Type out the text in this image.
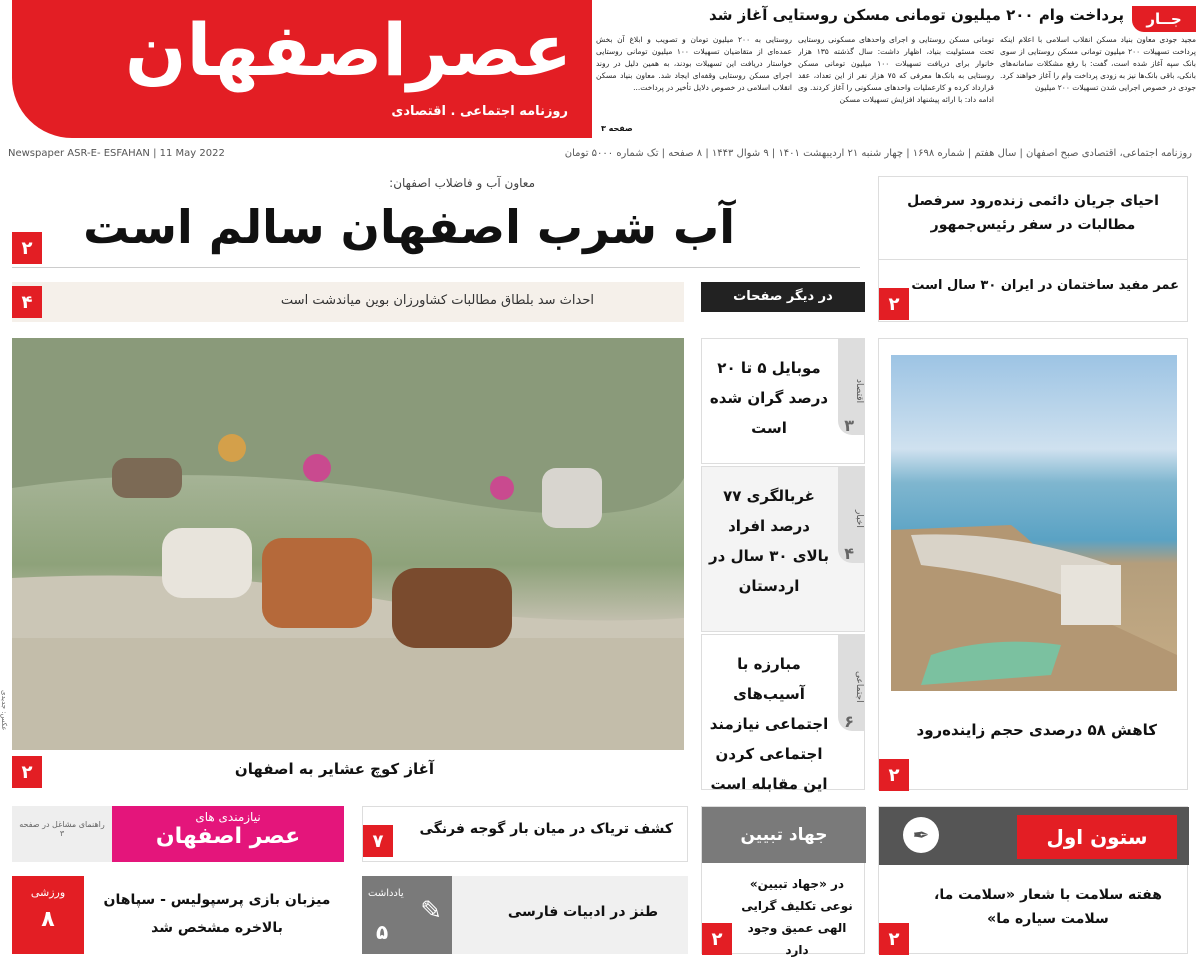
عصراصفهان
روزنامه اجتماعی . اقتصادی
جــار
پرداخت وام ۲۰۰ میلیون تومانی مسکن روستایی آغاز شد
مجید جودی معاون بنیاد مسکن انقلاب اسلامی با اعلام اینکه پرداخت تسهیلات ۲۰۰ میلیون تومانی مسکن روستایی از سوی بانک سپه آغاز شده است، گفت: با رفع مشکلات سامانه‌های بانکی، باقی بانک‌ها نیز به زودی پرداخت وام را آغاز خواهند کرد. جودی در خصوص اجرایی شدن تسهیلات ۲۰۰ میلیون
تومانی مسکن روستایی و اجرای واحدهای مسکونی روستایی تحت مسئولیت بنیاد، اظهار داشت: سال گذشته ۱۳۵ هزار خانوار برای دریافت تسهیلات ۱۰۰ میلیون تومانی مسکن روستایی به بانک‌ها معرفی که ۷۵ هزار نفر از این تعداد، عقد قرارداد کرده و کارعملیات واحدهای مسکونی را آغاز کردند. وی ادامه داد: با ارائه پیشنهاد افزایش تسهیلات مسکن
روستایی به ۲۰۰ میلیون تومان و تصویب و ابلاغ آن بخش عمده‌ای از متقاضیان تسهیلات ۱۰۰ میلیون تومانی روستایی خواستار دریافت این تسهیلات بودند، به همین دلیل در روند اجرای مسکن روستایی وقفه‌ای ایجاد شد. معاون بنیاد مسکن انقلاب اسلامی در خصوص دلایل تأخیر در پرداخت...
صفحه ۳
روزنامه اجتماعی، اقتصادی صبح اصفهان | سال هفتم | شماره ۱۶۹۸ | چهار شنبه ۲۱ اردیبهشت ۱۴۰۱ | ۹ شوال ۱۴۴۳ | ۸ صفحه | تک شماره ۵۰۰۰ تومان
Newspaper ASR-E- ESFAHAN | 11 May 2022
معاون آب و فاضلاب اصفهان:
آب شرب اصفهان سالم است
۲
احداث سد بلطاق مطالبات کشاورزان بوین میاندشت است
۴
عکس: جدیدی
آغاز کوچ عشایر به اصفهان
۲
در دیگر صفحات
اقتصاد
۳
موبایل ۵ تا ۲۰ درصد گران شده است
اخبار
۴
غربالگری ۷۷ درصد افراد بالای ۳۰ سال در اردستان
اجتماعی
۶
مبارزه با آسیب‌های اجتماعی نیازمند اجتماعی کردن این مقابله است
احیای جریان دائمی زنده‌رود سرفصل مطالبات در سفر رئیس‌جمهور
عمر مفید ساختمان در ایران ۳۰ سال است
۲
کاهش ۵۸ درصدی حجم زاینده‌رود
۲
راهنمای مشاغل در صفحه ۳
نیازمندی های
عصر اصفهان	کشف تریاک در میان بار گوجه فرنگی
۷	جهاد تبیین
در «جهاد تبیین» نوعی تکلیف گرایی الهی عمیق وجود دارد
۲
✒	ستون اول
هفته سلامت با شعار «سلامت ما، سلامت سیاره ما»
۲
ورزشی
۸
میزبان بازی پرسپولیس - سپاهان بالاخره مشخص شد
یادداشت
۵
✎	طنز در ادبیات فارسی
